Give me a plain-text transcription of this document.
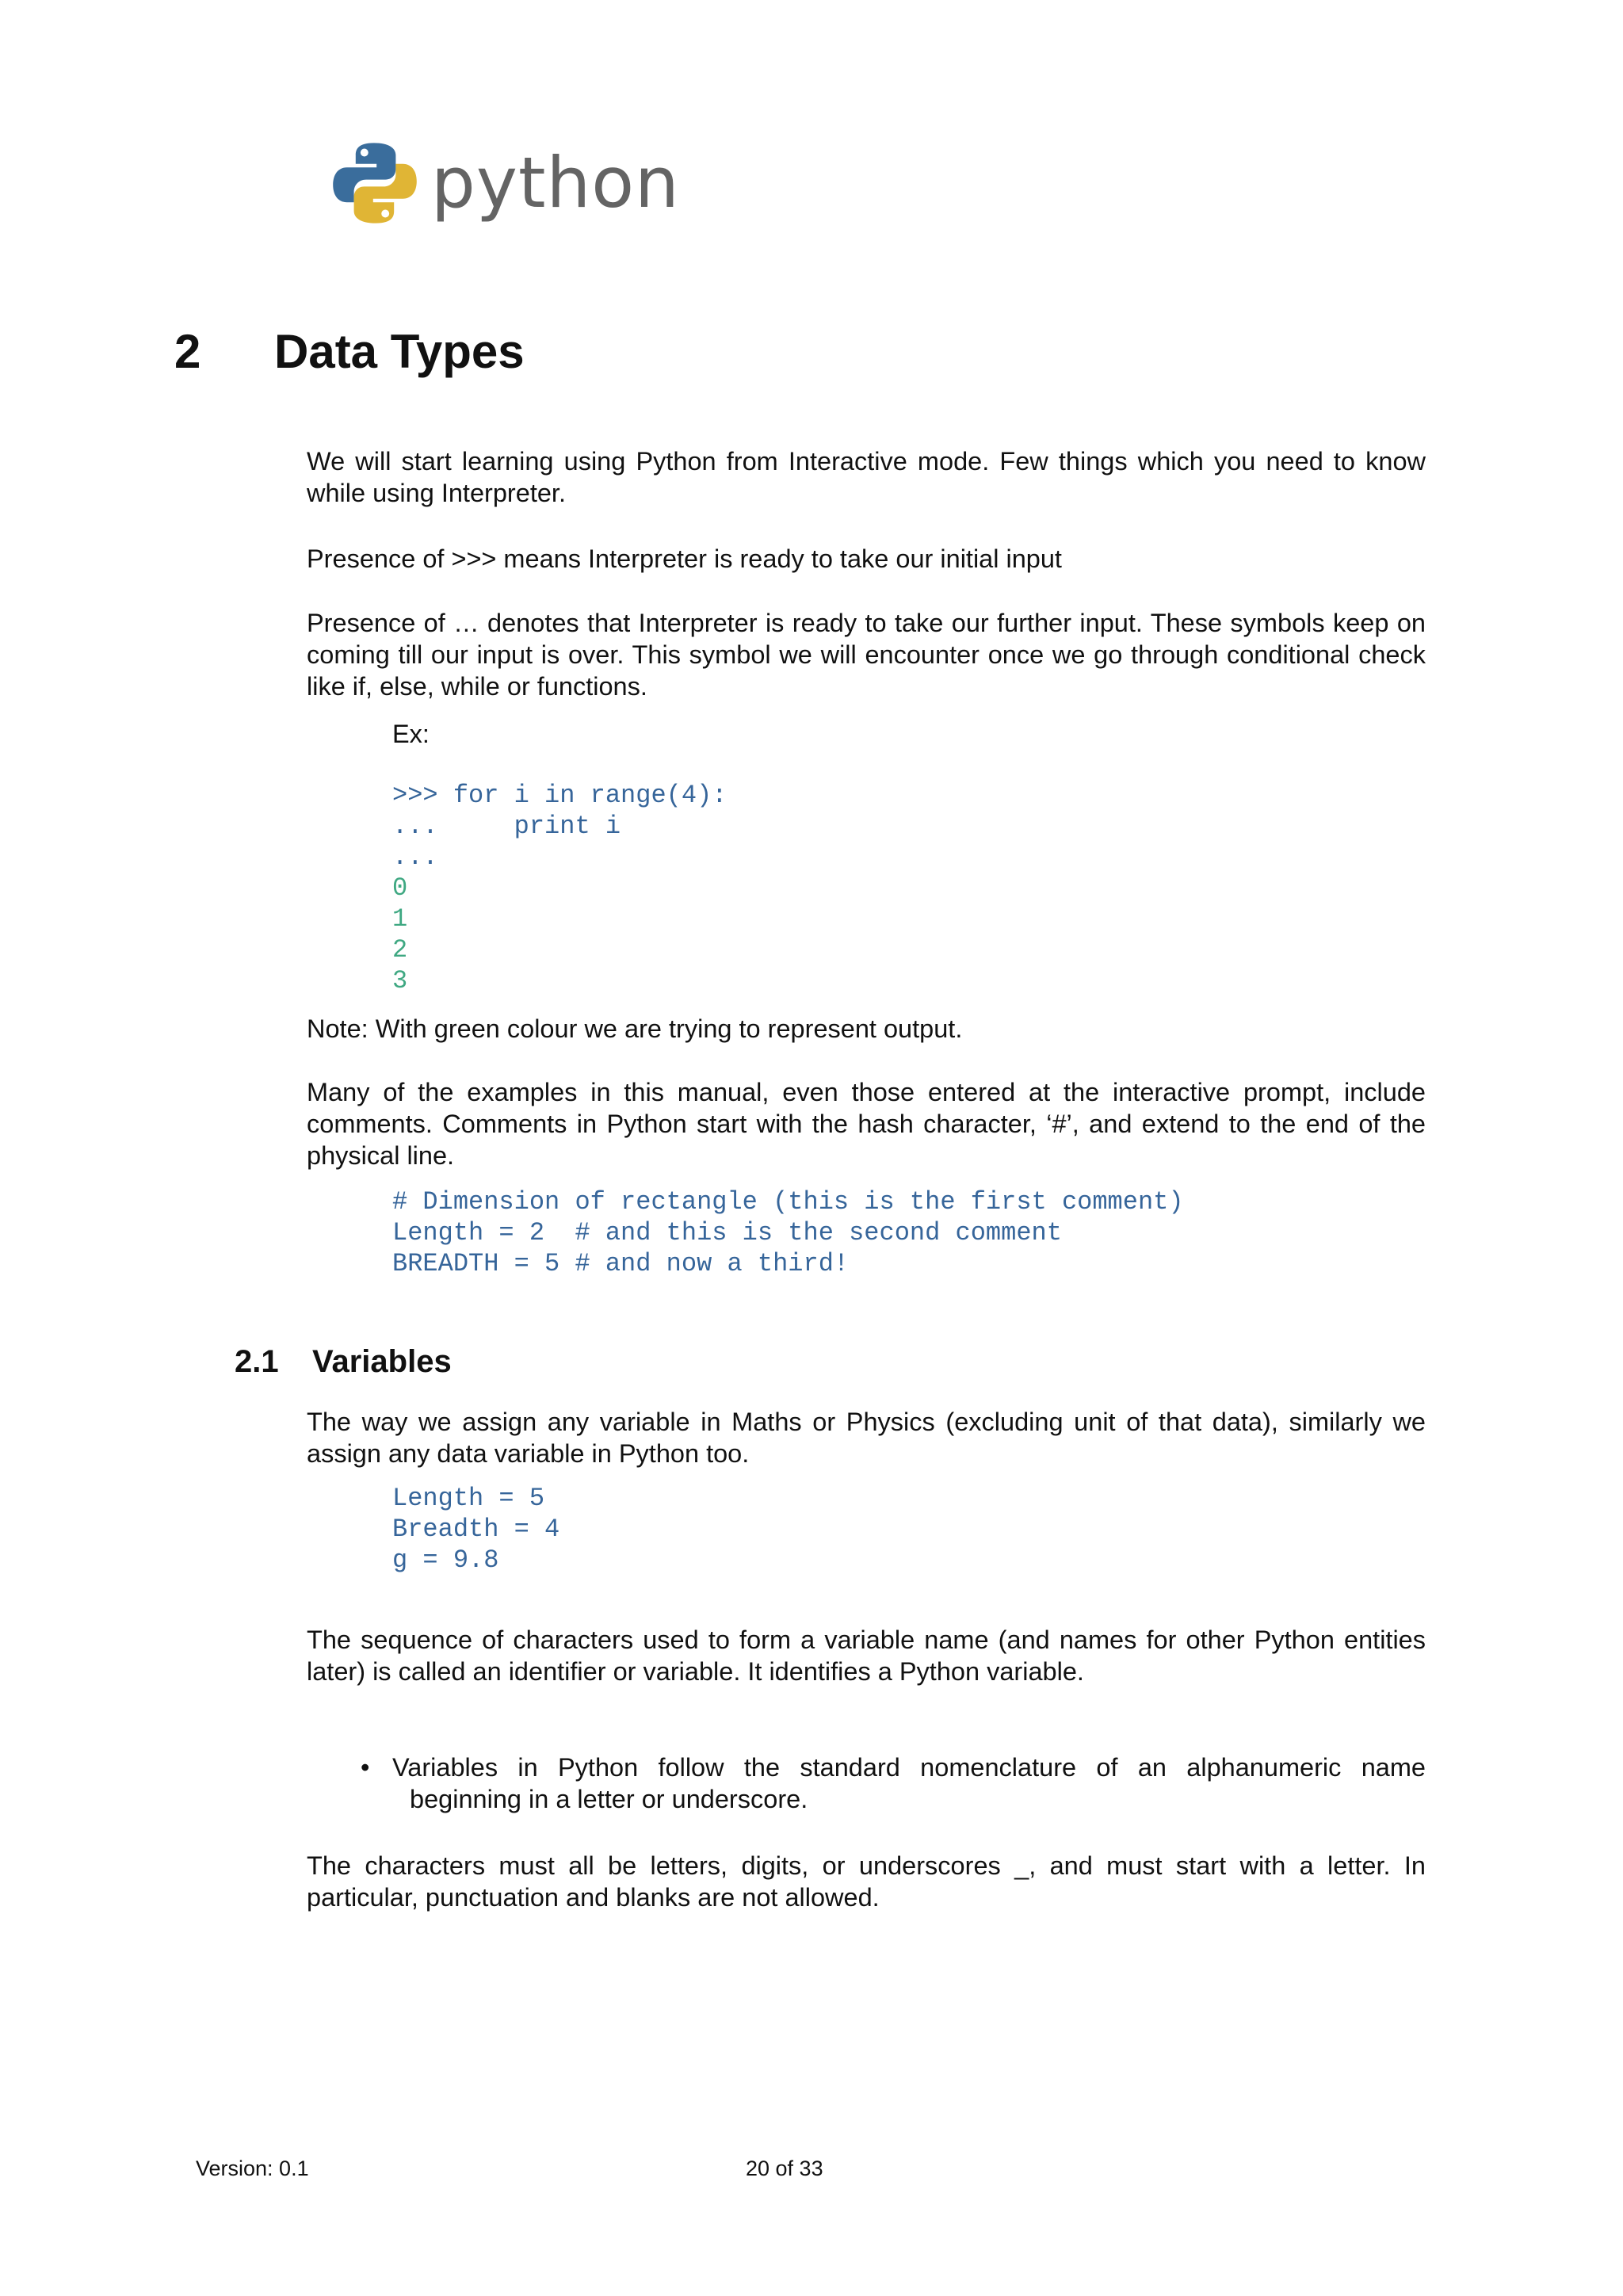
python
2 Data Types

We will start learning using Python from Interactive mode. Few things which you need to know while using Interpreter.

Presence of >>> means Interpreter is ready to take our initial input

Presence of … denotes that Interpreter is ready to take our further input. These symbols keep on coming till our input is over. This symbol we will encounter once we go through conditional check like if, else, while or functions.

Ex:

>>> for i in range(4):
...     print i
...
0
1
2
3

Note: With green colour we are trying to represent output.

Many of the examples in this manual, even those entered at the interactive prompt, include comments. Comments in Python start with the hash character, ‘#’, and extend to the end of the physical line.

# Dimension of rectangle (this is the first comment)
Length = 2  # and this is the second comment
BREADTH = 5 # and now a third!
2.1 Variables

The way we assign any variable in Maths or Physics (excluding unit of that data), similarly we assign any data variable in Python too.

Length = 5
Breadth = 4
g = 9.8

The sequence of characters used to form a variable name (and names for other Python entities later) is called an identifier or variable. It identifies a Python variable.

• Variables in Python follow the standard nomenclature of an alphanumeric name
beginning in a letter or underscore.

The characters must all be letters, digits, or underscores _, and must start with a letter. In particular, punctuation and blanks are not allowed.

Version: 0.1	20 of 33
